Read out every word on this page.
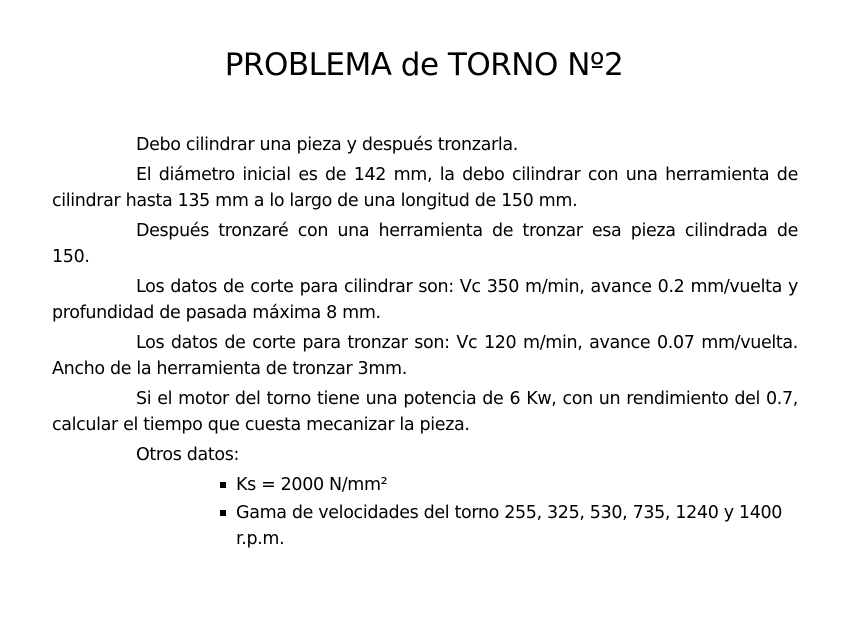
PROBLEMA de TORNO Nº2

Debo cilindrar una pieza y después tronzarla.

El diámetro inicial es de 142 mm, la debo cilindrar con una herramienta de cilindrar hasta 135 mm a lo largo de una longitud de 150 mm.

Después tronzaré con una herramienta de tronzar esa pieza cilindrada de 150.

Los datos de corte para cilindrar son: Vc 350 m/min, avance 0.2 mm/vuelta y profundidad de pasada máxima 8 mm.

Los datos de corte para tronzar son: Vc 120 m/min, avance 0.07 mm/vuelta. Ancho de la herramienta de tronzar 3mm.

Si el motor del torno tiene una potencia de 6 Kw, con un rendimiento del 0.7, calcular el tiempo que cuesta mecanizar la pieza.

Otros datos:

Ks = 2000 N/mm²
Gama de velocidades del torno 255, 325, 530, 735, 1240 y 1400 r.p.m.
